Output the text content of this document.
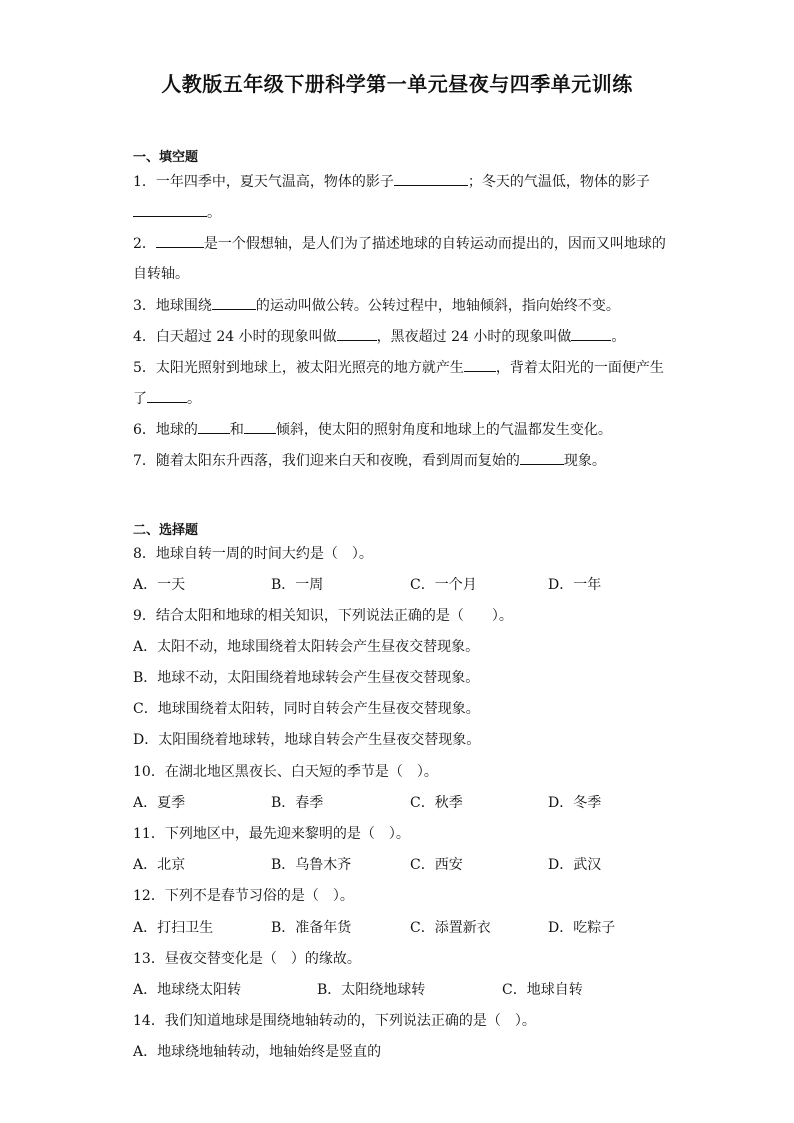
人教版五年级下册科学第一单元昼夜与四季单元训练
一、填空题
1．一年四季中，夏天气温高，物体的影子	；冬天的气温低，物体的影子
。
2．	是一个假想轴，是人们为了描述地球的自转运动而提出的，因而又叫地球的
自转轴。
3．地球围绕	的运动叫做公转。公转过程中，地轴倾斜，指向始终不变。
4．白天超过 24 小时的现象叫做	，黑夜超过 24 小时的现象叫做	。
5．太阳光照射到地球上，被太阳光照亮的地方就产生 ，背着太阳光的一面便产生
了	。
6．地球的 和 倾斜，使太阳的照射角度和地球上的气温都发生变化。
7．随着太阳东升西落，我们迎来白天和夜晚，看到周而复始的	现象。
二、选择题
8．地球自转一周的时间大约是（　）。
A．一天	B．一周	C．一个月	D．一年
9．结合太阳和地球的相关知识，下列说法正确的是（　　）。
A．太阳不动，地球围绕着太阳转会产生昼夜交替现象。
B．地球不动，太阳围绕着地球转会产生昼夜交替现象。
C．地球围绕着太阳转，同时自转会产生昼夜交替现象。
D．太阳围绕着地球转，地球自转会产生昼夜交替现象。
10．在湖北地区黑夜长、白天短的季节是（　）。
A．夏季	B．春季	C．秋季	D．冬季
11．下列地区中，最先迎来黎明的是（　）。
A．北京	B．乌鲁木齐	C．西安	D．武汉
12．下列不是春节习俗的是（　）。
A．打扫卫生	B．准备年货	C．添置新衣	D．吃粽子
13．昼夜交替变化是（　）的缘故。
A．地球绕太阳转	B．太阳绕地球转	C．地球自转
14．我们知道地球是围绕地轴转动的，下列说法正确的是（　）。
A．地球绕地轴转动，地轴始终是竖直的
